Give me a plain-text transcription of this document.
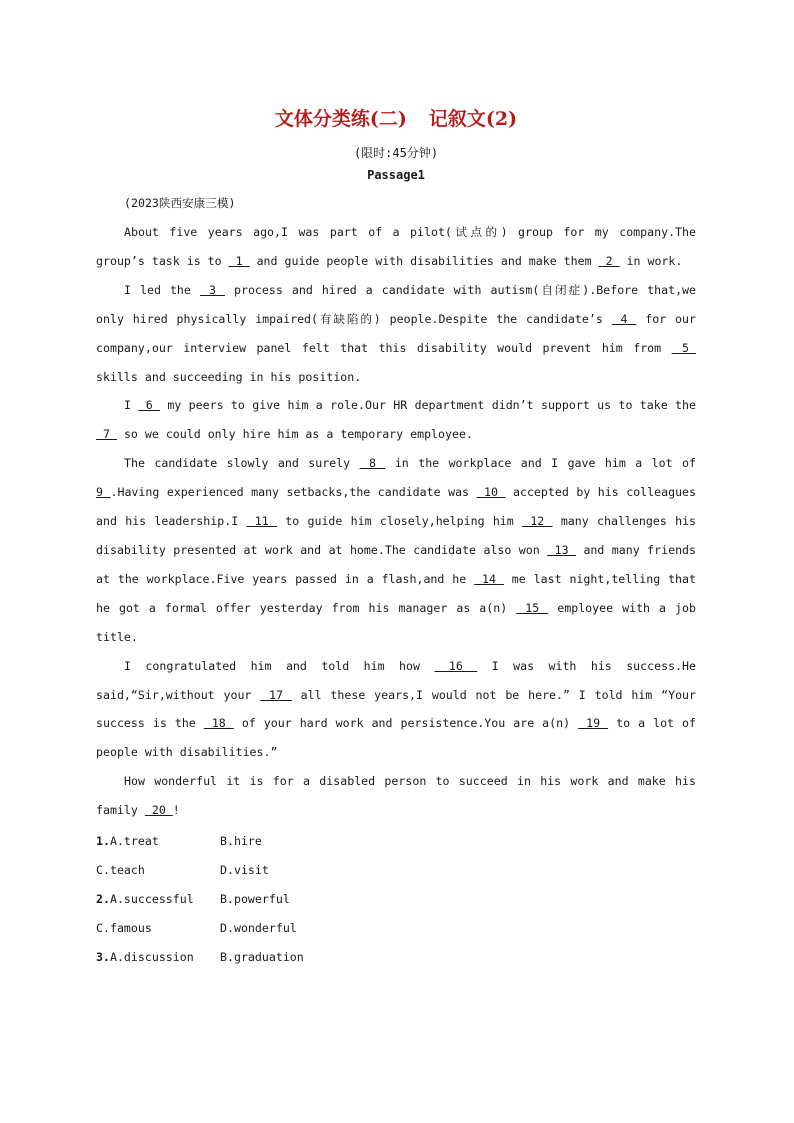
文体分类练(二) 记叙文(2)
(限时:45分钟)
Passage1
(2023陕西安康三模)

About five years ago,I was part of a pilot(试点的) group for my company.The group’s task is to  1  and guide people with disabilities and make them  2  in work.

I led the  3  process and hired a candidate with autism(自闭症).Before that,we only hired physically impaired(有缺陷的) people.Despite the candidate’s  4  for our company,our interview panel felt that this disability would prevent him from  5  skills and succeeding in his position.

I  6  my peers to give him a role.Our HR department didn’t support us to take the  7  so we could only hire him as a temporary employee.

The candidate slowly and surely  8  in the workplace and I gave him a lot of 9 .Having experienced many setbacks,the candidate was  10  accepted by his colleagues and his leadership.I  11  to guide him closely,helping him  12  many challenges his disability presented at work and at home.The candidate also won  13  and many friends at the workplace.Five years passed in a flash,and he  14  me last night,telling that he got a formal offer yesterday from his manager as a(n)  15  employee with a job title.

I congratulated him and told him how  16  I was with his success.He said,“Sir,without your  17  all these years,I would not be here.” I told him “Your success is the  18  of your hard work and persistence.You are a(n)  19  to a lot of people with disabilities.”

How wonderful it is for a disabled person to succeed in his work and make his family  20 !

1.A.treat	B.hire
C.teach	D.visit
2.A.successful	B.powerful
C.famous	D.wonderful
3.A.discussion	B.graduation
